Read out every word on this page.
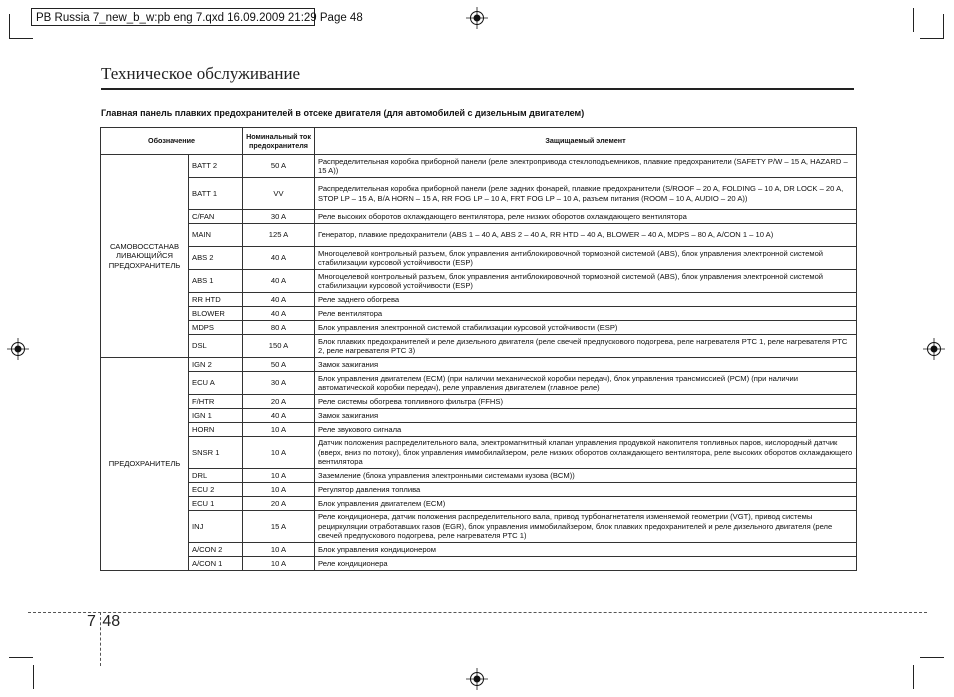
PB Russia 7_new_b_w:pb eng 7.qxd 16.09.2009 21:29 Page 48
Техническое обслуживание
Главная панель плавких предохранителей в отсеке двигателя (для автомобилей с дизельным двигателем)
Обозначение		Номинальный ток предохранителя	Защищаемый элемент
САМОВОССТАНАВ ЛИВАЮЩИЙСЯ ПРЕДОХРАНИТЕЛЬ	BATT 2	50 A	Распределительная коробка приборной панели (реле электропривода стеклоподъемников, плавкие предохранители (SAFETY P/W – 15 A, HAZARD – 15 A))
	BATT 1	VV	Распределительная коробка приборной панели (реле задних фонарей, плавкие предохранители (S/ROOF – 20 A, FOLDING – 10 A, DR LOCK – 20 A, STOP LP – 15 A, B/A HORN – 15 A, RR FOG LP – 10 A, FRT FOG LP – 10 A, разъем питания (ROOM – 10 A, AUDIO – 20 A))
	C/FAN	30 A	Реле высоких оборотов охлаждающего вентилятора, реле низких оборотов охлаждающего вентилятора
	MAIN	125 A	Генератор, плавкие предохранители (ABS 1 – 40 A, ABS 2 – 40 A, RR HTD – 40 A, BLOWER – 40 A, MDPS – 80 A, A/CON 1 – 10 A)
	ABS 2	40 A	Многоцелевой контрольный разъем, блок управления антиблокировочной тормозной системой (ABS), блок управления электронной системой стабилизации курсовой устойчивости (ESP)
	ABS 1	40 A	Многоцелевой контрольный разъем, блок управления антиблокировочной тормозной системой (ABS), блок управления электронной системой стабилизации курсовой устойчивости (ESP)
	RR HTD	40 A	Реле заднего обогрева
	BLOWER	40 A	Реле вентилятора
	MDPS	80 A	Блок управления электронной системой стабилизации курсовой устойчивости (ESP)
	DSL	150 A	Блок плавких предохранителей и реле дизельного двигателя (реле свечей предпускового подогрева, реле нагревателя PTC 1, реле нагревателя PTC 2, реле нагревателя PTC 3)
ПРЕДОХРАНИТЕЛЬ	IGN 2	50 A	Замок зажигания
	ECU A	30 A	Блок управления двигателем (ECM) (при наличии механической коробки передач), блок управления трансмиссией (PCM) (при наличии автоматической коробки передач), реле управления двигателем (главное реле)
	F/HTR	20 A	Реле системы обогрева топливного фильтра (FFHS)
	IGN 1	40 A	Замок зажигания
	HORN	10 A	Реле звукового сигнала
	SNSR 1	10 A	Датчик положения распределительного вала, электромагнитный клапан управления продувкой накопителя топливных паров, кислородный датчик (вверх, вниз по потоку), блок управления иммобилайзером, реле низких оборотов охлаждающего вентилятора, реле высоких оборотов охлаждающего вентилятора
	DRL	10 A	Заземление (блока управления электронными системами кузова (BCM))
	ECU 2	10 A	Регулятор давления топлива
	ECU 1	20 A	Блок управления двигателем (ECM)
	INJ	15 A	Реле кондиционера, датчик положения распределительного вала, привод турбонагнетателя изменяемой геометрии (VGT), привод системы рециркуляции отработавших газов (EGR), блок управления иммобилайзером, блок плавких предохранителей и реле дизельного двигателя (реле свечей предпускового подогрева, реле нагревателя PTC 1)
	A/CON 2	10 A	Блок управления кондиционером
	A/CON 1	10 A	Реле кондиционера
7 48
